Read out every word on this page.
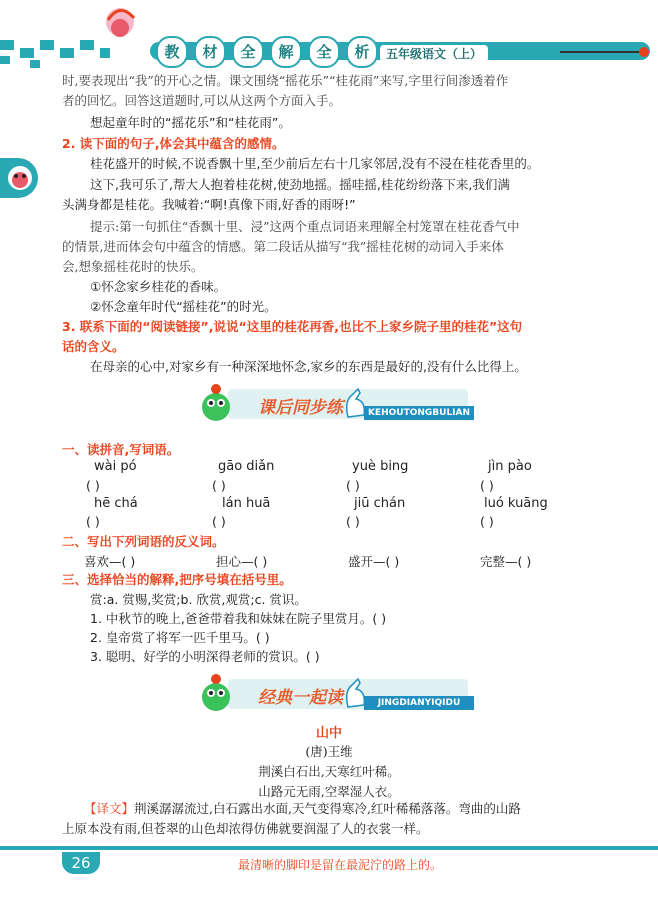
教	材	全	解	全	析	五年级语文（上）
时,要表现出“我”的开心之情。课文围绕“摇花乐”“桂花雨”来写,字里行间渗透着作
者的回忆。回答这道题时,可以从这两个方面入手。
想起童年时的“摇花乐”和“桂花雨”。
2. 读下面的句子,体会其中蕴含的感情。
桂花盛开的时候,不说香飘十里,至少前后左右十几家邻居,没有不浸在桂花香里的。
这下,我可乐了,帮大人抱着桂花树,使劲地摇。摇哇摇,桂花纷纷落下来,我们满
头满身都是桂花。我喊着:“啊!真像下雨,好香的雨呀!”
提示:第一句抓住“香飘十里、浸”这两个重点词语来理解全村笼罩在桂花香气中
的情景,进而体会句中蕴含的情感。第二段话从描写“我”摇桂花树的动词入手来体
会,想象摇桂花时的快乐。
①怀念家乡桂花的香味。
②怀念童年时代“摇桂花”的时光。
3. 联系下面的“阅读链接”,说说“这里的桂花再香,也比不上家乡院子里的桂花”这句
话的含义。
在母亲的心中,对家乡有一种深深地怀念,家乡的东西是最好的,没有什么比得上。
课后同步练	KEHOUTONGBULIAN
一、读拼音,写词语。
wài pó	gāo diǎn	yuè bing	jìn pào
( )	( )	( )	( )
hē chá	lán huā	jiū chán	luó kuāng
( )	( )	( )	( )
二、写出下列词语的反义词。
喜欢—( )	担心—( )	盛开—( )	完整—( )
三、选择恰当的解释,把序号填在括号里。
赏:a. 赏赐,奖赏;b. 欣赏,观赏;c. 赏识。
1. 中秋节的晚上,爸爸带着我和妹妹在院子里赏月。( )
2. 皇帝赏了将军一匹千里马。( )
3. 聪明、好学的小明深得老师的赏识。( )
经典一起读	JINGDIANYIQIDU
山中
(唐)王维
荆溪白石出,天寒红叶稀。
山路元无雨,空翠湿人衣。
【译文】荆溪潺潺流过,白石露出水面,天气变得寒冷,红叶稀稀落落。弯曲的山路
上原本没有雨,但苍翠的山色却浓得仿佛就要润湿了人的衣裳一样。
26	最清晰的脚印是留在最泥泞的路上的。
